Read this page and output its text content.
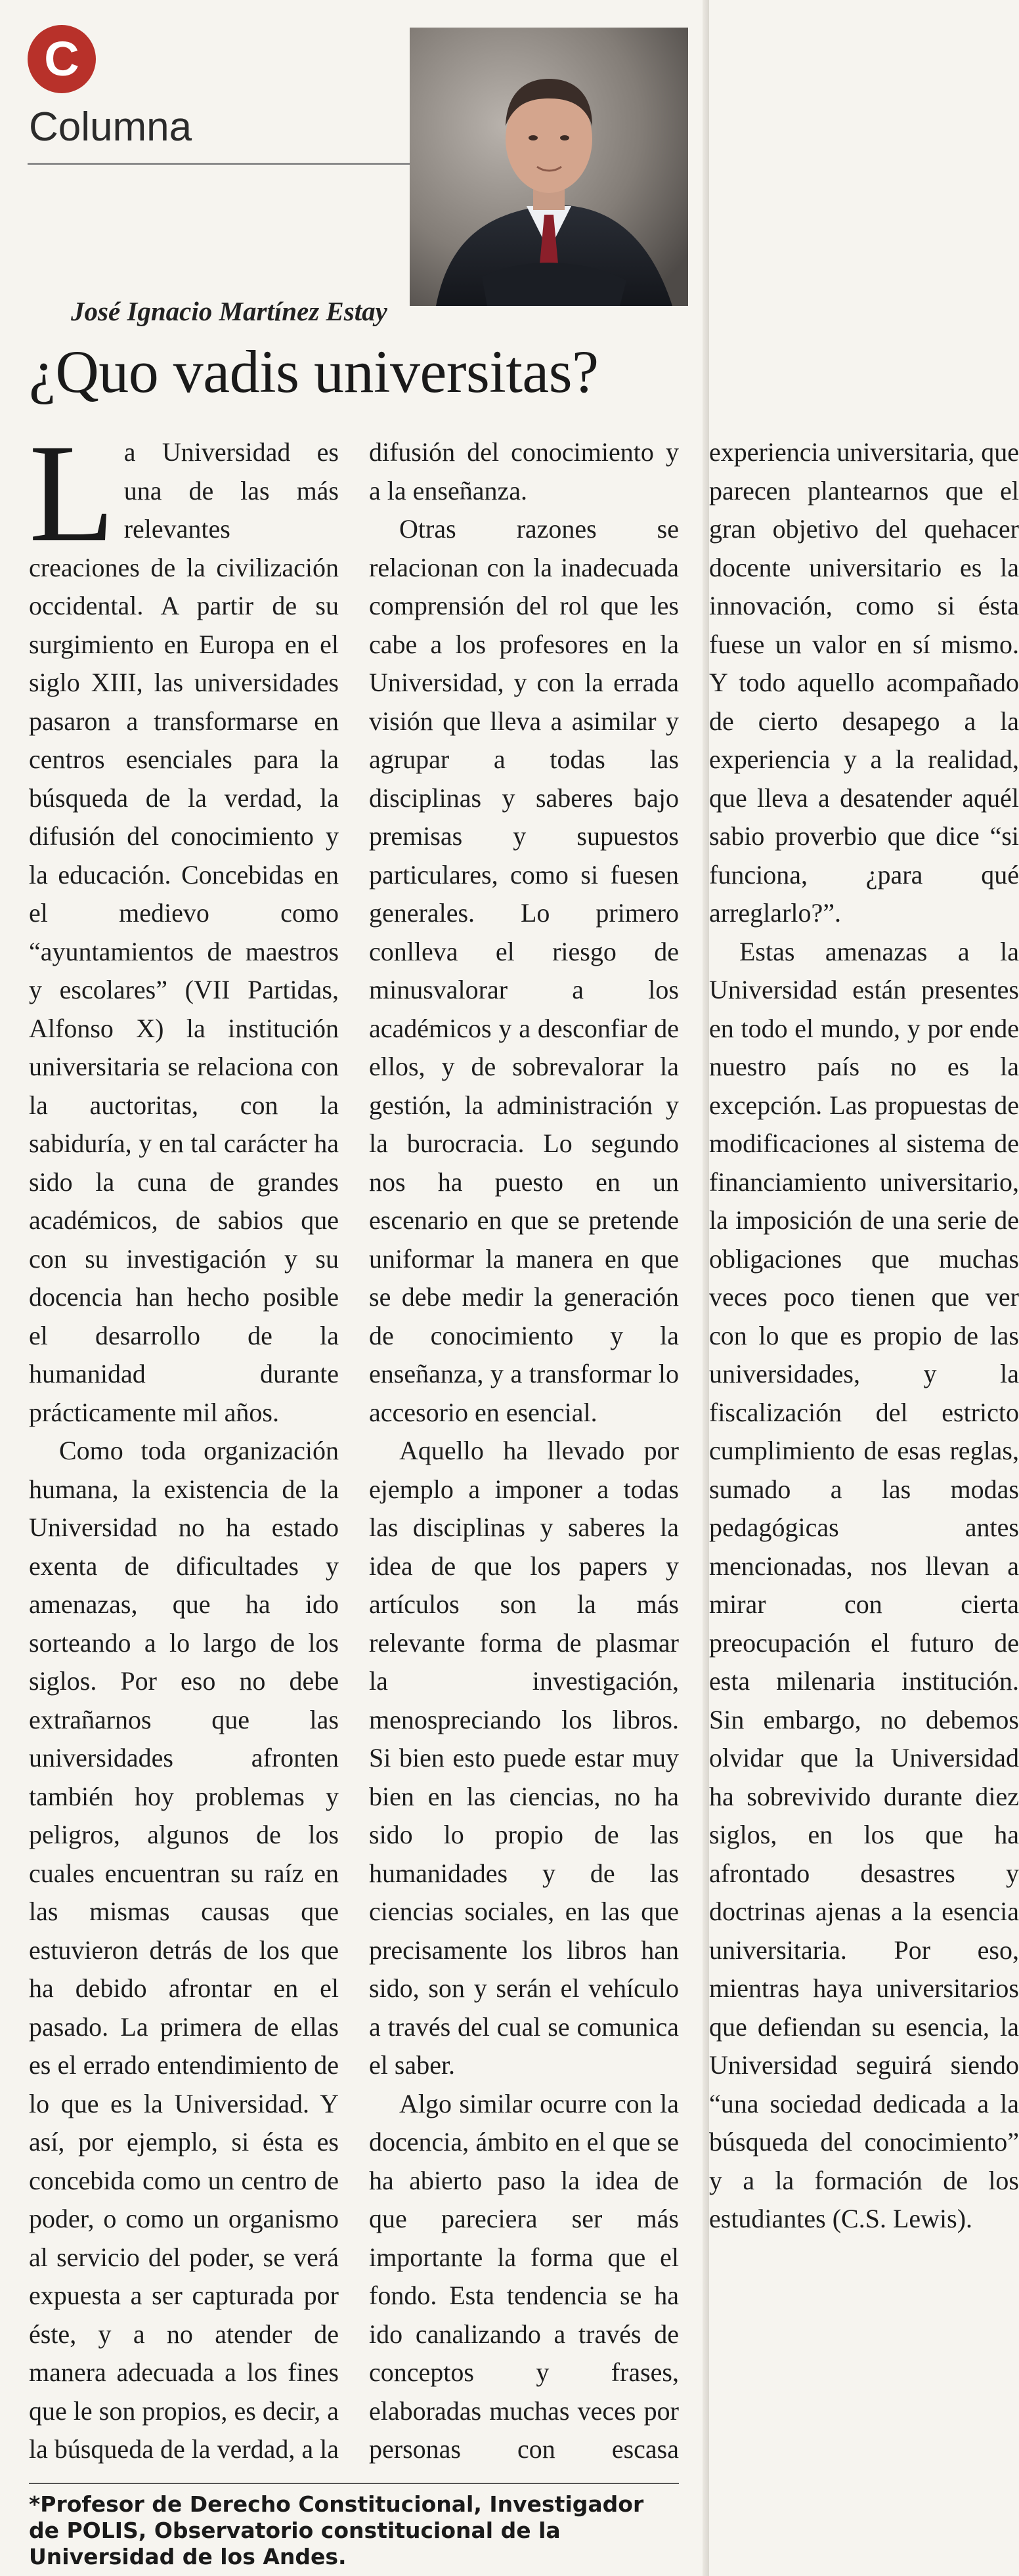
C
Columna
José Ignacio Martínez Estay
¿Quo vadis universitas?

La Universidad es una de las más relevantes creaciones de la civilización occidental. A partir de su surgimiento en Europa en el siglo XIII, las universidades pasaron a transformarse en centros esenciales para la búsqueda de la verdad, la difusión del conocimiento y la educación. Concebidas en el medievo como “ayuntamientos de maestros y escolares” (VII Partidas, Alfonso X) la institución universitaria se relaciona con la auctoritas, con la sabiduría, y en tal carácter ha sido la cuna de grandes académicos, de sabios que con su investigación y su docencia han hecho posible el desarrollo de la humanidad durante prácticamente mil años.

Como toda organización humana, la existencia de la Universidad no ha estado exenta de dificultades y amenazas, que ha ido sorteando a lo largo de los siglos. Por eso no debe extrañarnos que las universidades afronten también hoy problemas y peligros, algunos de los cuales encuentran su raíz en las mismas causas que estuvieron detrás de los que ha debido afrontar en el pasado. La primera de ellas es el errado entendimiento de lo que es la Universidad. Y así, por ejemplo, si ésta es concebida como un centro de poder, o como un organismo al servicio del poder, se verá expuesta a ser capturada por éste, y a no atender de manera adecuada a los fines que le son propios, es decir, a la búsqueda de la verdad, a la difusión del conocimiento y a la enseñanza.

Otras razones se relacionan con la inadecuada comprensión del rol que les cabe a los profesores en la Universidad, y con la errada visión que lleva a asimilar y agrupar a todas las disciplinas y saberes bajo premisas y supuestos particulares, como si fuesen generales. Lo primero conlleva el riesgo de minusvalorar a los académicos y a desconfiar de ellos, y de sobrevalorar la gestión, la administración y la burocracia. Lo segundo nos ha puesto en un escenario en que se pretende uniformar la manera en que se debe medir la generación de conocimiento y la enseñanza, y a transformar lo accesorio en esencial.

Aquello ha llevado por ejemplo a imponer a todas las disciplinas y saberes la idea de que los papers y artículos son la más relevante forma de plasmar la investigación, menospreciando los libros. Si bien esto puede estar muy bien en las ciencias, no ha sido lo propio de las humanidades y de las ciencias sociales, en las que precisamente los libros han sido, son y serán el vehículo a través del cual se comunica el saber.

Algo similar ocurre con la docencia, ámbito en el que se ha abierto paso la idea de que pareciera ser más importante la forma que el fondo. Esta tendencia se ha ido canalizando a través de conceptos y frases, elaboradas muchas veces por personas con escasa experiencia universitaria, que parecen plantearnos que el gran objetivo del quehacer docente universitario es la innovación, como si ésta fuese un valor en sí mismo. Y todo aquello acompañado de cierto desapego a la experiencia y a la realidad, que lleva a desatender aquél sabio proverbio que dice “si funciona, ¿para qué arreglarlo?”.

Estas amenazas a la Universidad están presentes en todo el mundo, y por ende nuestro país no es la excepción. Las propuestas de modificaciones al sistema de financiamiento universitario, la imposición de una serie de obligaciones que muchas veces poco tienen que ver con lo que es propio de las universidades, y la fiscalización del estricto cumplimiento de esas reglas, sumado a las modas pedagógicas antes mencionadas, nos llevan a mirar con cierta preocupación el futuro de esta milenaria institución. Sin embargo, no debemos olvidar que la Universidad ha sobrevivido durante diez siglos, en los que ha afrontado desastres y doctrinas ajenas a la esencia universitaria. Por eso, mientras haya universitarios que defiendan su esencia, la Universidad seguirá siendo “una sociedad dedicada a la búsqueda del conocimiento” y a la formación de los estudiantes (C.S. Lewis).

*Profesor de Derecho Constitucional, Investigador de POLIS, Observatorio constitucional de la Universidad de los Andes.
